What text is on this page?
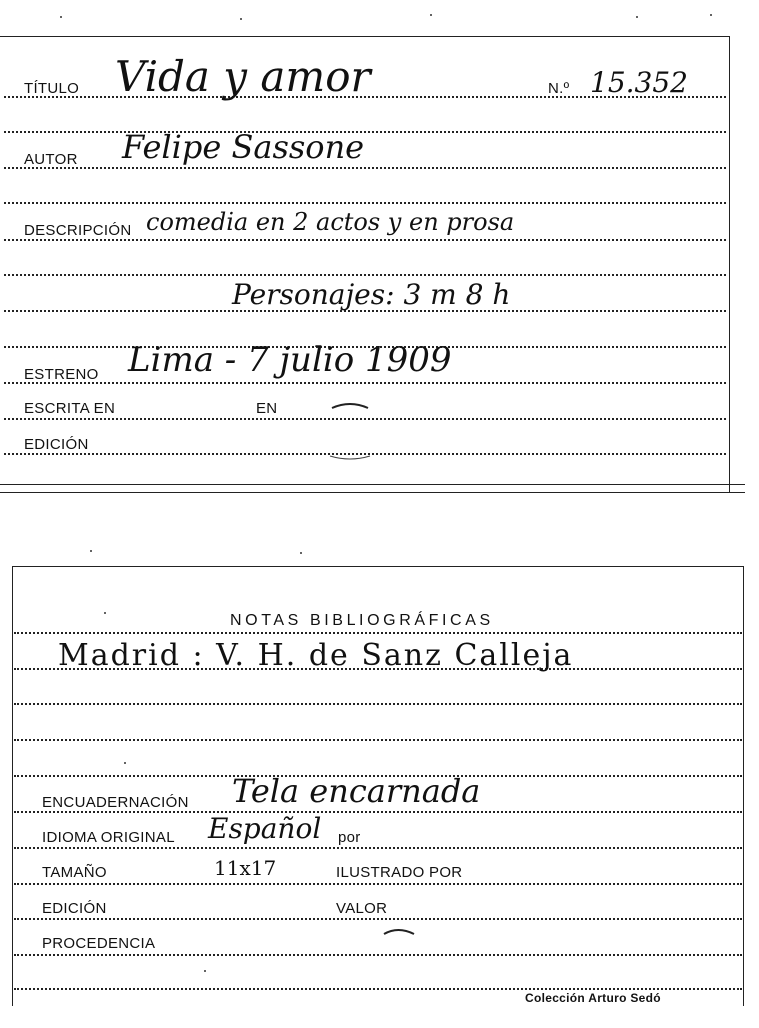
TÍTULO Vida y amor	N.º 15.352
AUTOR Felipe Sassone
DESCRIPCIÓN comedia en 2 actos y en prosa
Personajes: 3 m 8 h
ESTRENO Lima - 7 julio 1909
ESCRITA EN	EN
EDICIÓN
NOTAS BIBLIOGRÁFICAS
Madrid : V. H. de Sanz Calleja
ENCUADERNACIÓN Tela encarnada
IDIOMA ORIGINAL Español por
TAMAÑO	11x17	ILUSTRADO POR
EDICIÓN	VALOR
PROCEDENCIA
Colección Arturo Sedó
